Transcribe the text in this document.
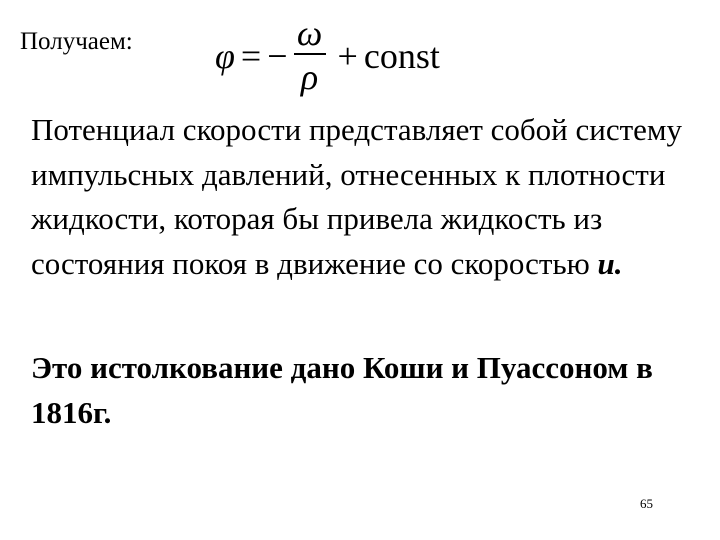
Получаем: φ = − $\frac{\omega}{\rho}$ + const

Потенциал скорости представляет собой систему импульсных давлений, отнесенных к плотности жидкости, которая бы привела жидкость из состояния покоя в движение со скоростью u.

Это истолкование дано Коши и Пуассоном в 1816г.

65
